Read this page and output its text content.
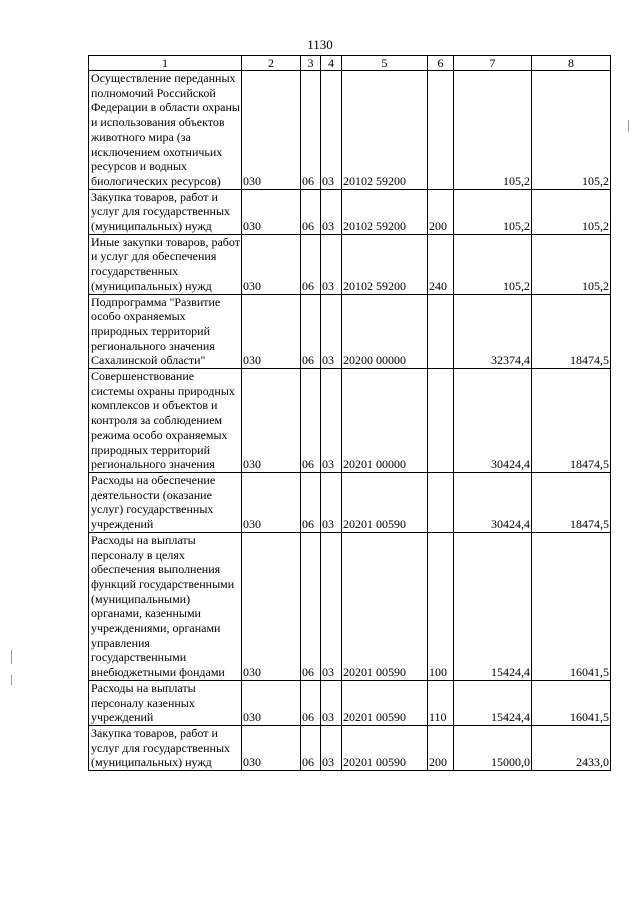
1130
1	2	3	4	5	6	7	8
Осуществление переданных полномочий Российской Федерации в области охраны и использования объектов животного мира (за исключением охотничьих ресурсов и водных биологических ресурсов)	030	06	03	20102 59200		105,2	105,2
Закупка товаров, работ и услуг для государственных (муниципальных) нужд	030	06	03	20102 59200	200	105,2	105,2
Иные закупки товаров, работ и услуг для обеспечения государственных (муниципальных) нужд	030	06	03	20102 59200	240	105,2	105,2
Подпрограмма "Развитие особо охраняемых природных территорий регионального значения Сахалинской области"	030	06	03	20200 00000		32374,4	18474,5
Совершенствование системы охраны природных комплексов и объектов и контроля за соблюдением режима особо охраняемых природных территорий регионального значения	030	06	03	20201 00000		30424,4	18474,5
Расходы на обеспечение деятельности (оказание услуг) государственных учреждений	030	06	03	20201 00590		30424,4	18474,5
Расходы на выплаты персоналу в целях обеспечения выполнения функций государственными (муниципальными) органами, казенными учреждениями, органами управления государственными внебюджетными фондами	030	06	03	20201 00590	100	15424,4	16041,5
Расходы на выплаты персоналу казенных учреждений	030	06	03	20201 00590	110	15424,4	16041,5
Закупка товаров, работ и услуг для государственных (муниципальных) нужд	030	06	03	20201 00590	200	15000,0	2433,0
